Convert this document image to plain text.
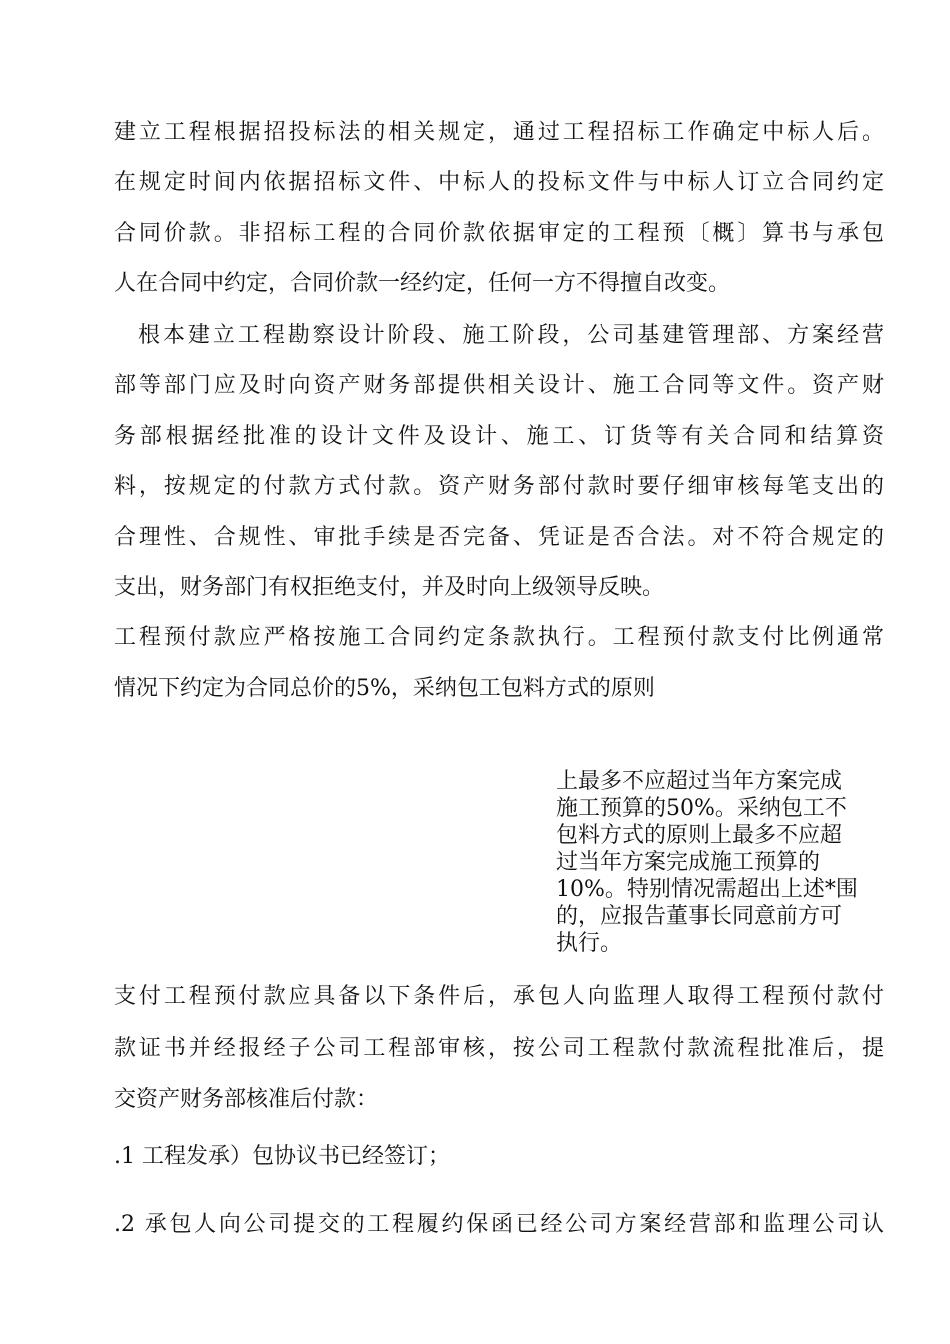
建立工程根据招投标法的相关规定，通过工程招标工作确定中标人后。
在规定时间内依据招标文件、中标人的投标文件与中标人订立合同约定
合同价款。非招标工程的合同价款依据审定的工程预〔概〕算书与承包
人在合同中约定，合同价款一经约定，任何一方不得擅自改变。
根本建立工程勘察设计阶段、施工阶段，公司基建管理部、方案经营
部等部门应及时向资产财务部提供相关设计、施工合同等文件。资产财
务部根据经批准的设计文件及设计、施工、订货等有关合同和结算资
料，按规定的付款方式付款。资产财务部付款时要仔细审核每笔支出的
合理性、合规性、审批手续是否完备、凭证是否合法。对不符合规定的
支出，财务部门有权拒绝支付，并及时向上级领导反映。
工程预付款应严格按施工合同约定条款执行。工程预付款支付比例通常
情况下约定为合同总价的5%，采纳包工包料方式的原则
上最多不应超过当年方案完成
施工预算的50%。采纳包工不
包料方式的原则上最多不应超
过当年方案完成施工预算的
10%。特别情况需超出上述*围
的，应报告董事长同意前方可
执行。
支付工程预付款应具备以下条件后，承包人向监理人取得工程预付款付
款证书并经报经子公司工程部审核，按公司工程款付款流程批准后，提
交资产财务部核准后付款：
.1 工程发承）包协议书已经签订；
.2 承包人向公司提交的工程履约保函已经公司方案经营部和监理公司认
